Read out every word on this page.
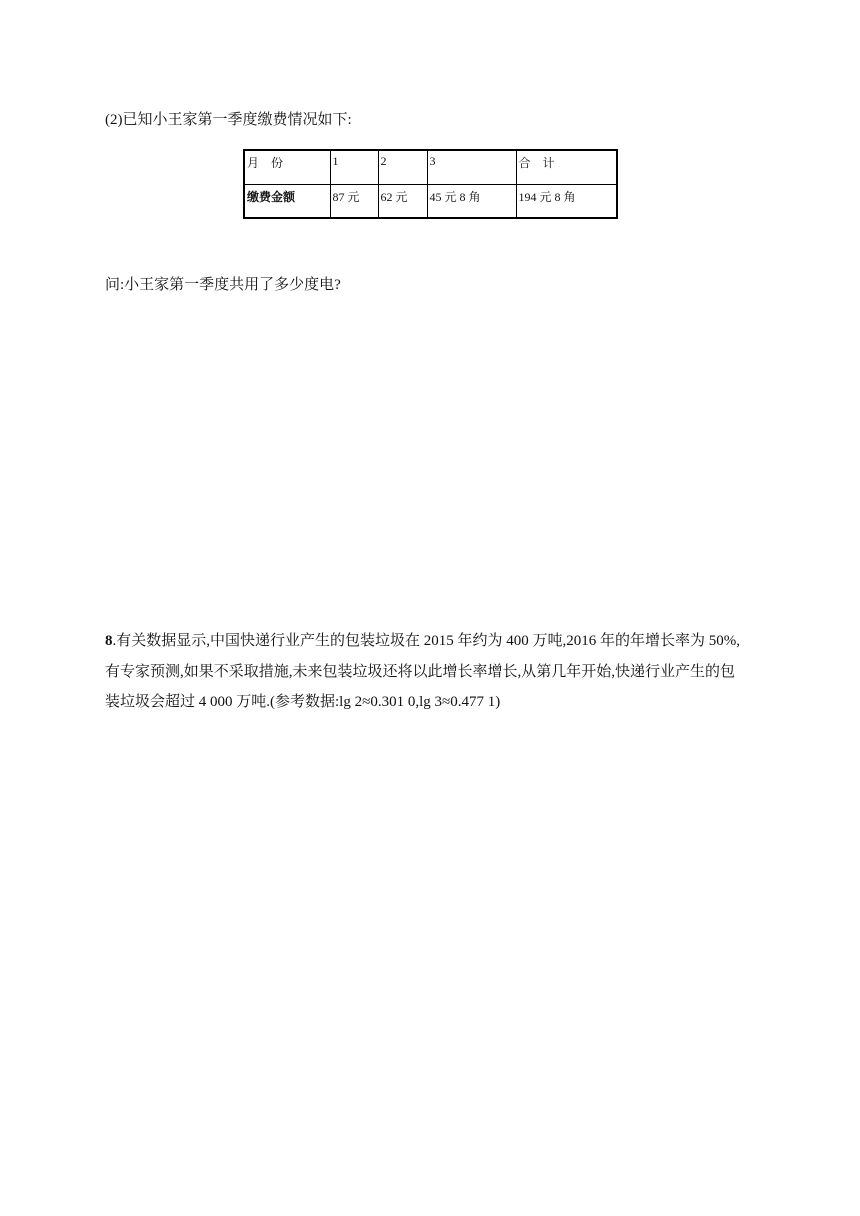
(2)已知小王家第一季度缴费情况如下:
月　份	1	2	3	合　计
缴费金额	87 元	62 元	45 元 8 角	194 元 8 角
问:小王家第一季度共用了多少度电?
8.有关数据显示,中国快递行业产生的包装垃圾在 2015 年约为 400 万吨,2016 年的年增长率为 50%,
有专家预测,如果不采取措施,未来包装垃圾还将以此增长率增长,从第几年开始,快递行业产生的包
装垃圾会超过 4 000 万吨.(参考数据:lg 2≈0.301 0,lg 3≈0.477 1)
